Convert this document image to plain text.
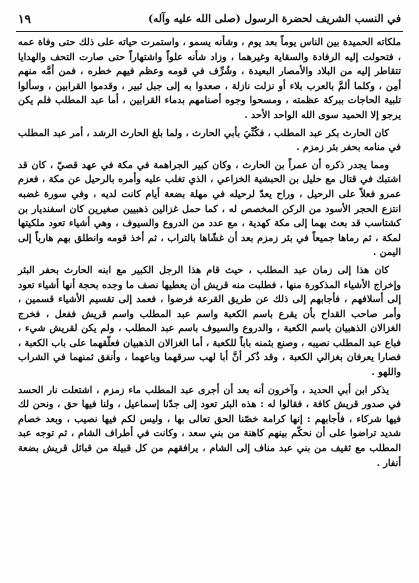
في النسب الشريف لحضرة الرسول (صلى الله عليه وآله)
١٩

ملكاته الحميدة بين الناس يوماً بعد يوم ، وشأنه يسمو ، واستمرت حياته على ذلك حتى وفاة عمه ، فتحولت إليه الرفادة والسقاية وغيرهما ، وزاد شأنه علواً واشتهاراً حتى صارت التحف والهدايا تتقاطر إليه من البلاد والأمصار البعيدة ، وشُرِّف في قومه وعظم فيهم خطره ، فمن أمَّه منهم أمِن ، وكلما ألمَّ بالعرب بلاء أو نزلت نازلة ، صعدوا به إلى جبل ثبير ، وقدموا القرابين ، وسألوا تلبية الحاجات ببركة عظمته ، ومسحوا وجوه أصنامهم بدماء القرابين ، أما عبد المطلب فلم يكن يرجو إلا الحميد سوى الله الواحد الأحد .

كان الحارث بكر عبد المطلب ، فكُنِّيَ بأبي الحارث ، ولما بلغ الحارث الرشد ، أمر عبد المطلب في منامه بحفر بئر زمزم .

ومما يجدر ذكره أن عمراً بن الحارث ، وكان كبير الجراهمة في مكة في عهد قصيّ ، كان قد اشتبك في قتال مع حليل بن الحبشية الخزاعي ، الذي تغلب عليه وأمره بالرحيل عن مكة ، فعزم عمرو فعلاً على الرحيل ، وراح يعدّ لرحيله في مهلة بضعة أيام كانت لديه ، وفي سورة غضبه انتزع الحجر الأسود من الركن المخصص له ، كما حمل غزالين ذهبيين صغيرين كان اسفنديار بن كشتاسب قد بعث بهما إلى مكة كهدية ، مع عدد من الدروع والسيوف ، وهي أشياء تعود ملكيتها لمكة ، ثم رماها جميعاً في بئر زمزم بعد أن غشّاها بالتراب ، ثم أخذ قومه وانطلق بهم هارباً إلى اليمن .

كان هذا إلى زمان عبد المطلب ، حيث قام هذا الرجل الكبير مع ابنه الحارث بحفر البئر وإخراج الأشياء المذكورة منها ، فطلبت منه قريش أن يعطيها نصف ما وجده بحجة أنها أشياء تعود إلى أسلافهم ، فأجابهم إلى ذلك عن طريق القرعة فرضوا ، فعمد إلى تقسيم الأشياء قسمين ، وأمر صاحب القداح بأن يقرع باسم الكعبة واسم عبد المطلب واسم قريش ففعل ، فخرج الغزالان الذهبيان باسم الكعبة ، والدروع والسيوف باسم عبد المطلب ، ولم يكن لقريش شيء ، فباع عبد المطلب نصيبه ، وصنع بثمنه باباً للكعبة ، أما الغزالان الذهبيان فعلّقهما على باب الكعبة ، فصارا يعرفان بغزالي الكعبة ، وقد ذُكر أنَّ أبا لهب سرقهما وباعهما ، وأنفق ثمنهما في الشراب واللهو .

يذكر ابن أبي الحديد ، وآخرون أنه بعد أن أجرى عبد المطلب ماء زمزم ، اشتعلت نار الحسد في صدور قريش كافة ، فقالوا له : هذه البئر تعود إلى جدّنا إسماعيل ، ولنا فيها حق ، ونحن لك فيها شركاء ، فأجابهم : إنها كرامة خصّنا الحق تعالى بها ، وليس لكم فيها نصيب ، وبعد خصام شديد تراضوا على أن نحكّم بينهم كاهنة من بني سعد ، وكانت في أطراف الشام ، ثم توجه عبد المطلب مع ثقيف من بني عبد مناف إلى الشام ، يرافقهم من كل قبيلة من قبائل قريش بضعة أنفار .
